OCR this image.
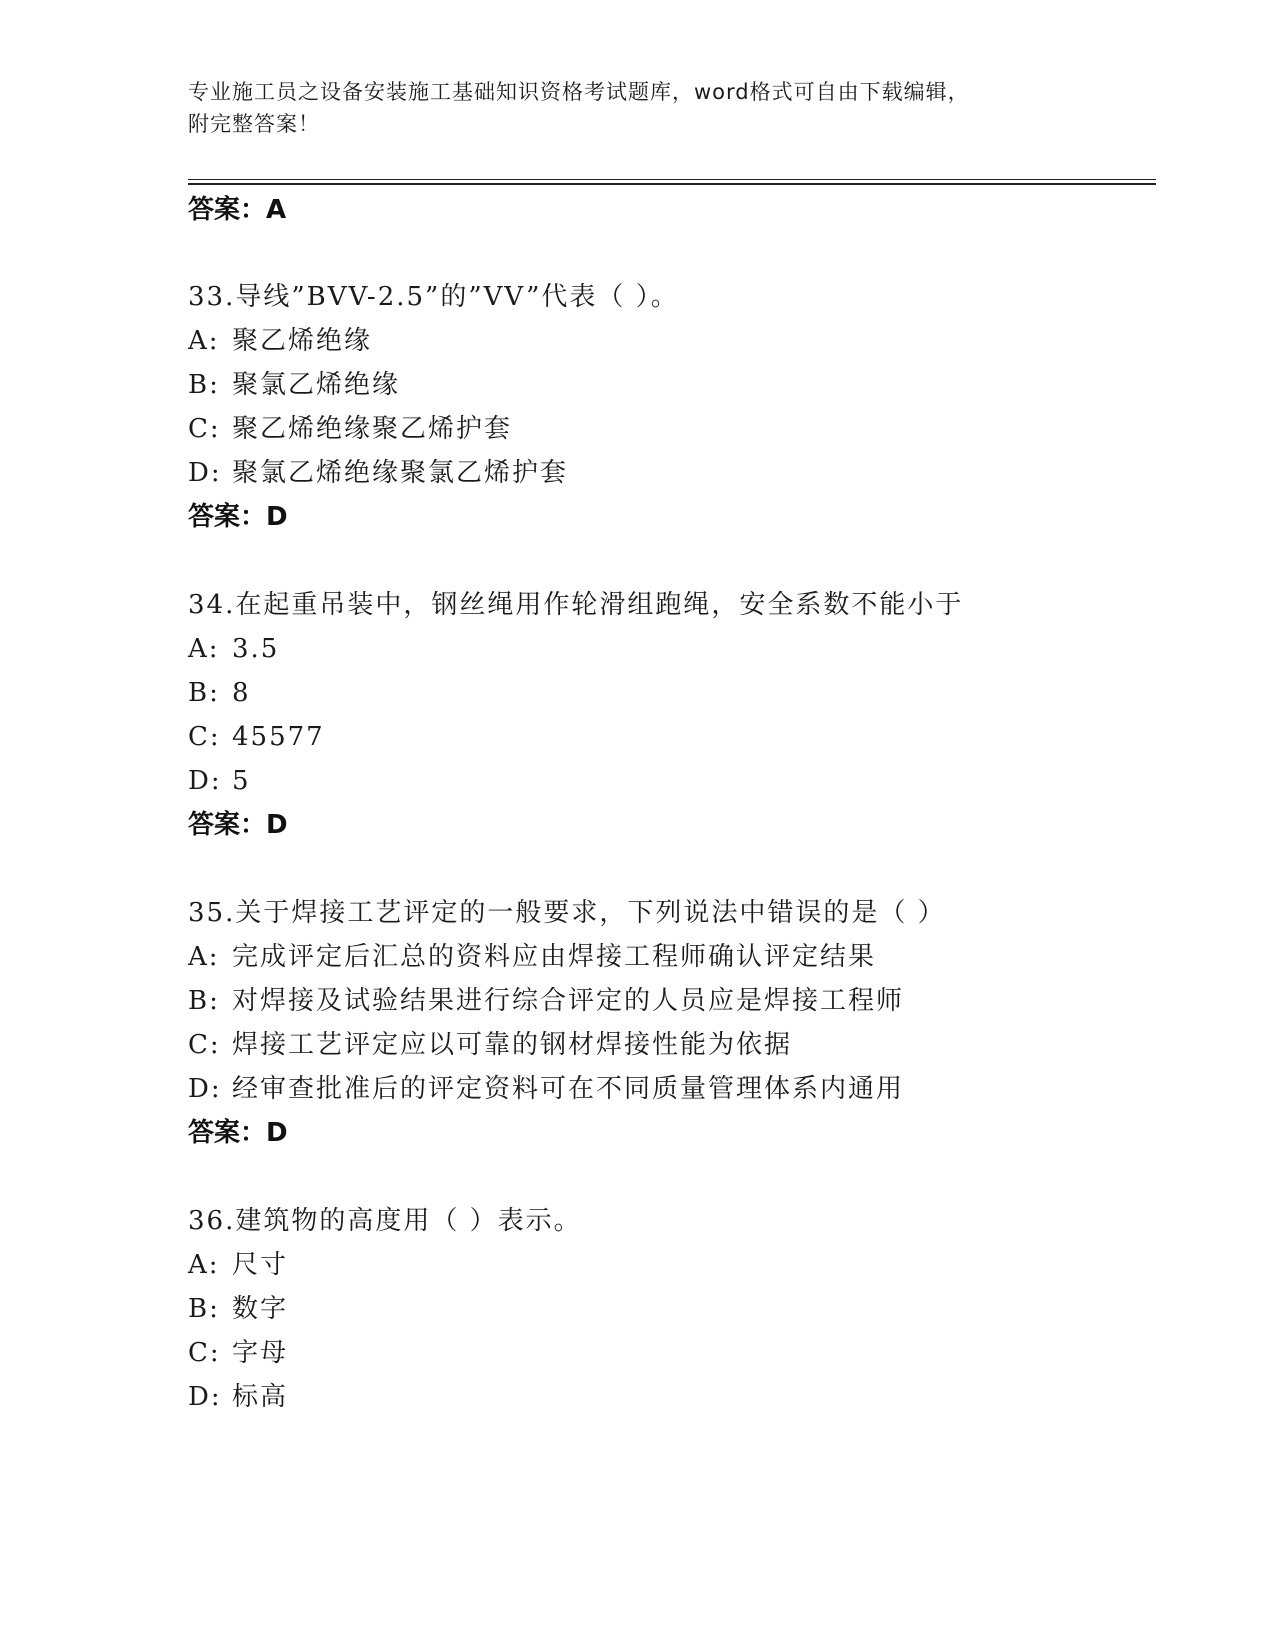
专业施工员之设备安装施工基础知识资格考试题库，word格式可自由下载编辑，
附完整答案！
答案：A
33.导线”BVV-2.5”的”VV”代表（ ）。
A: 聚乙烯绝缘
B: 聚氯乙烯绝缘
C: 聚乙烯绝缘聚乙烯护套
D: 聚氯乙烯绝缘聚氯乙烯护套
答案：D
34.在起重吊装中，钢丝绳用作轮滑组跑绳，安全系数不能小于
A: 3.5
B: 8
C: 45577
D: 5
答案：D
35.关于焊接工艺评定的一般要求，下列说法中错误的是（ ）
A: 完成评定后汇总的资料应由焊接工程师确认评定结果
B: 对焊接及试验结果进行综合评定的人员应是焊接工程师
C: 焊接工艺评定应以可靠的钢材焊接性能为依据
D: 经审查批准后的评定资料可在不同质量管理体系内通用
答案：D
36.建筑物的高度用（ ）表示。
A: 尺寸
B: 数字
C: 字母
D: 标高
